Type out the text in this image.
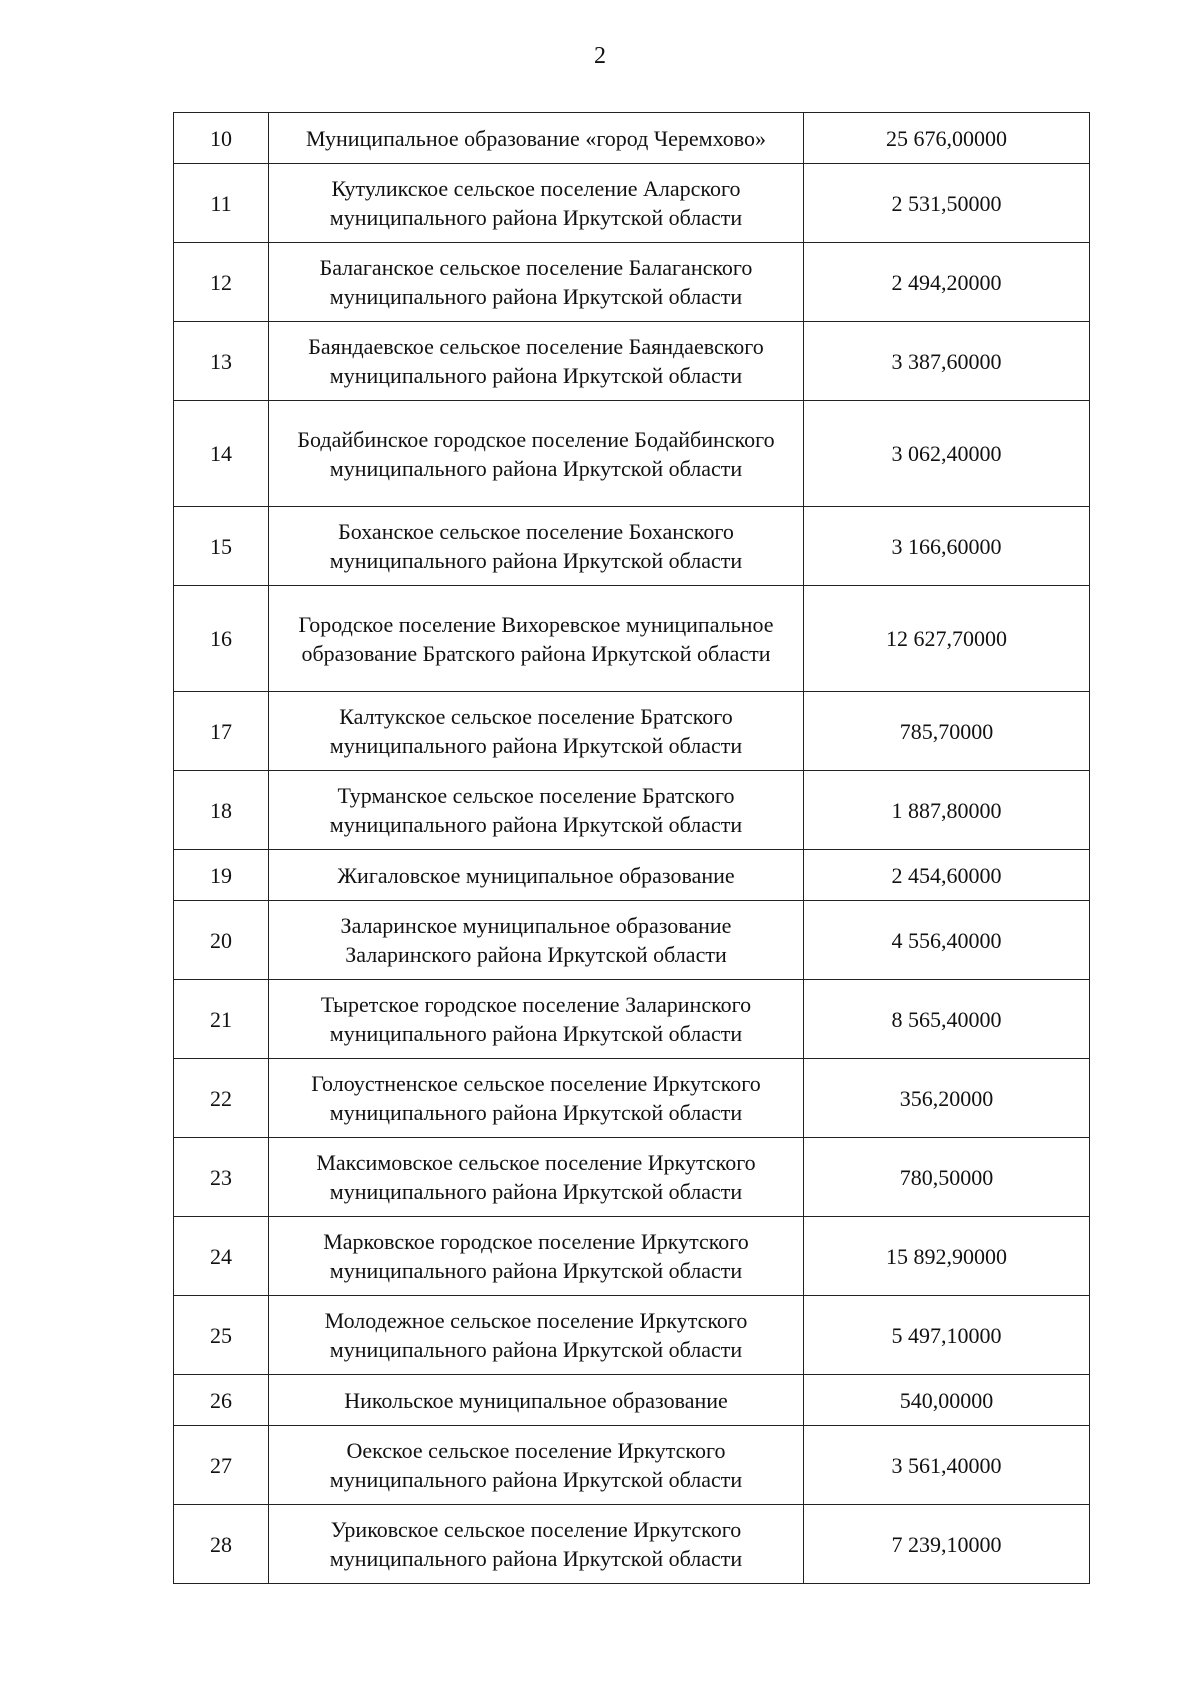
2
10	Муниципальное образование «город Черемхово»	25 676,00000
11	Кутуликское сельское поселение Аларского муниципального района Иркутской области	2 531,50000
12	Балаганское сельское поселение Балаганского муниципального района Иркутской области	2 494,20000
13	Баяндаевское сельское поселение Баяндаевского муниципального района Иркутской области	3 387,60000
14	Бодайбинское городское поселение Бодайбинского муниципального района Иркутской области	3 062,40000
15	Боханское сельское поселение Боханского муниципального района Иркутской области	3 166,60000
16	Городское поселение Вихоревское муниципальное образование Братского района Иркутской области	12 627,70000
17	Калтукское сельское поселение Братского муниципального района Иркутской области	785,70000
18	Турманское сельское поселение Братского муниципального района Иркутской области	1 887,80000
19	Жигаловское муниципальное образование	2 454,60000
20	Заларинское муниципальное образование Заларинского района Иркутской области	4 556,40000
21	Тыретское городское поселение Заларинского муниципального района Иркутской области	8 565,40000
22	Голоустненское сельское поселение Иркутского муниципального района Иркутской области	356,20000
23	Максимовское сельское поселение Иркутского муниципального района Иркутской области	780,50000
24	Марковское городское поселение Иркутского муниципального района Иркутской области	15 892,90000
25	Молодежное сельское поселение Иркутского муниципального района Иркутской области	5 497,10000
26	Никольское муниципальное образование	540,00000
27	Оекское сельское поселение Иркутского муниципального района Иркутской области	3 561,40000
28	Уриковское сельское поселение Иркутского муниципального района Иркутской области	7 239,10000
